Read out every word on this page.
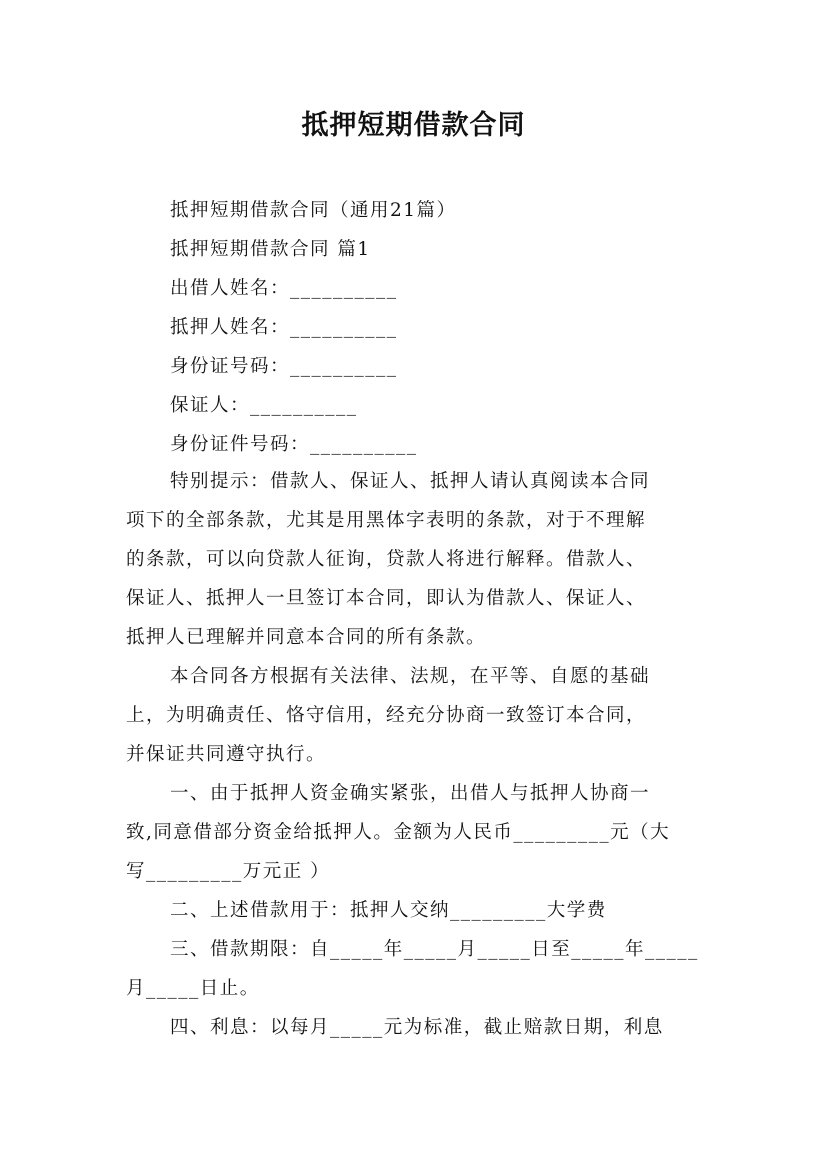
抵押短期借款合同
抵押短期借款合同（通用21篇）
抵押短期借款合同 篇1
出借人姓名：__________
抵押人姓名：__________
身份证号码：__________
保证人：__________
身份证件号码：__________
特别提示：借款人、保证人、抵押人请认真阅读本合同
项下的全部条款，尤其是用黑体字表明的条款，对于不理解
的条款，可以向贷款人征询，贷款人将进行解释。借款人、
保证人、抵押人一旦签订本合同，即认为借款人、保证人、
抵押人已理解并同意本合同的所有条款。
本合同各方根据有关法律、法规，在平等、自愿的基础
上，为明确责任、恪守信用，经充分协商一致签订本合同，
并保证共同遵守执行。
一、由于抵押人资金确实紧张，出借人与抵押人协商一
致,同意借部分资金给抵押人。金额为人民币_________元（大
写_________万元正 ）
二、上述借款用于：抵押人交纳_________大学费
三、借款期限：自_____年_____月_____日至_____年_____
月_____日止。
四、利息：以每月_____元为标准，截止赔款日期，利息
